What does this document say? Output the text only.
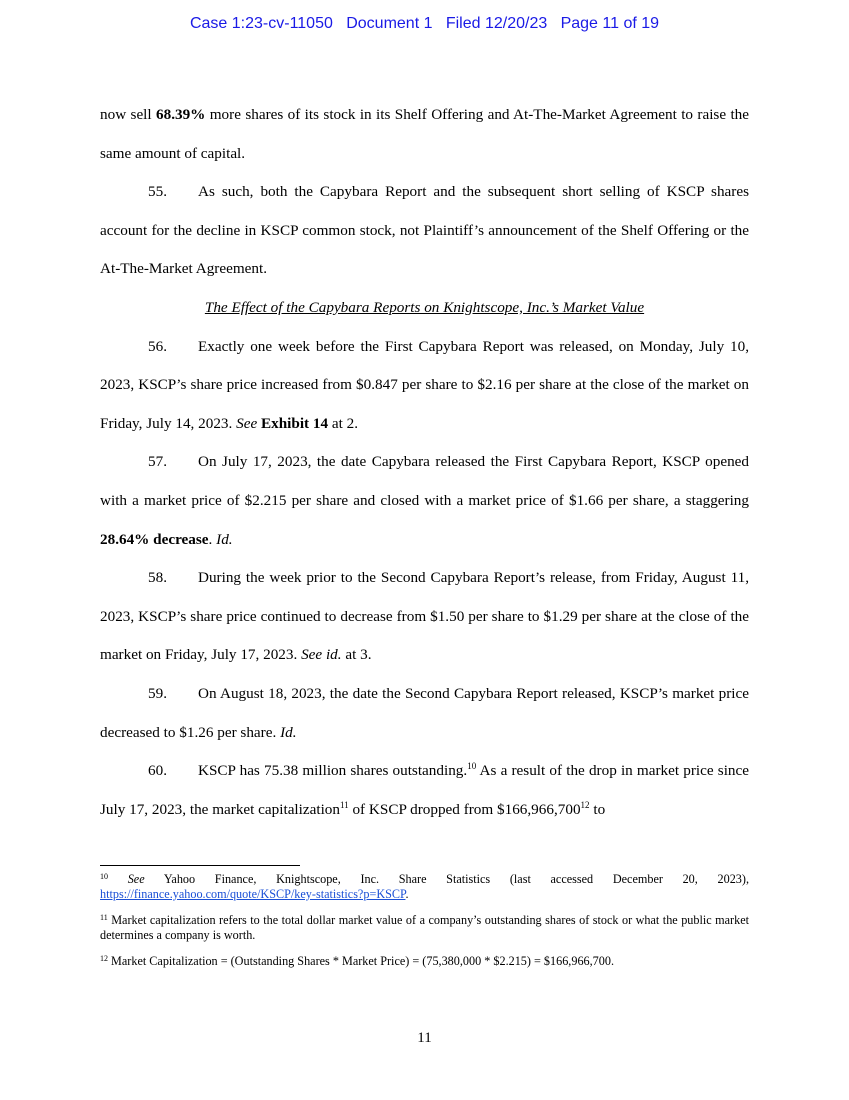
Case 1:23-cv-11050 Document 1 Filed 12/20/23 Page 11 of 19

now sell 68.39% more shares of its stock in its Shelf Offering and At-The-Market Agreement to raise the same amount of capital.

55. As such, both the Capybara Report and the subsequent short selling of KSCP shares account for the decline in KSCP common stock, not Plaintiff’s announcement of the Shelf Offering or the At-The-Market Agreement.

The Effect of the Capybara Reports on Knightscope, Inc.’s Market Value

56. Exactly one week before the First Capybara Report was released, on Monday, July 10, 2023, KSCP’s share price increased from $0.847 per share to $2.16 per share at the close of the market on Friday, July 14, 2023. See Exhibit 14 at 2.

57. On July 17, 2023, the date Capybara released the First Capybara Report, KSCP opened with a market price of $2.215 per share and closed with a market price of $1.66 per share, a staggering 28.64% decrease. Id.

58. During the week prior to the Second Capybara Report’s release, from Friday, August 11, 2023, KSCP’s share price continued to decrease from $1.50 per share to $1.29 per share at the close of the market on Friday, July 17, 2023. See id. at 3.

59. On August 18, 2023, the date the Second Capybara Report released, KSCP’s market price decreased to $1.26 per share. Id.

60. KSCP has 75.38 million shares outstanding.$^{10}$ As a result of the drop in market price since July 17, 2023, the market capitalization$^{11}$ of KSCP dropped from $166,966,700$^{12}$ to

$^{10}$ See Yahoo Finance, Knightscope, Inc. Share Statistics (last accessed December 20, 2023), https://finance.yahoo.com/quote/KSCP/key-statistics?p=KSCP.

$^{11}$ Market capitalization refers to the total dollar market value of a company’s outstanding shares of stock or what the public market determines a company is worth.

$^{12}$ Market Capitalization = (Outstanding Shares * Market Price) = (75,380,000 * $2.215) = $166,966,700.

11
